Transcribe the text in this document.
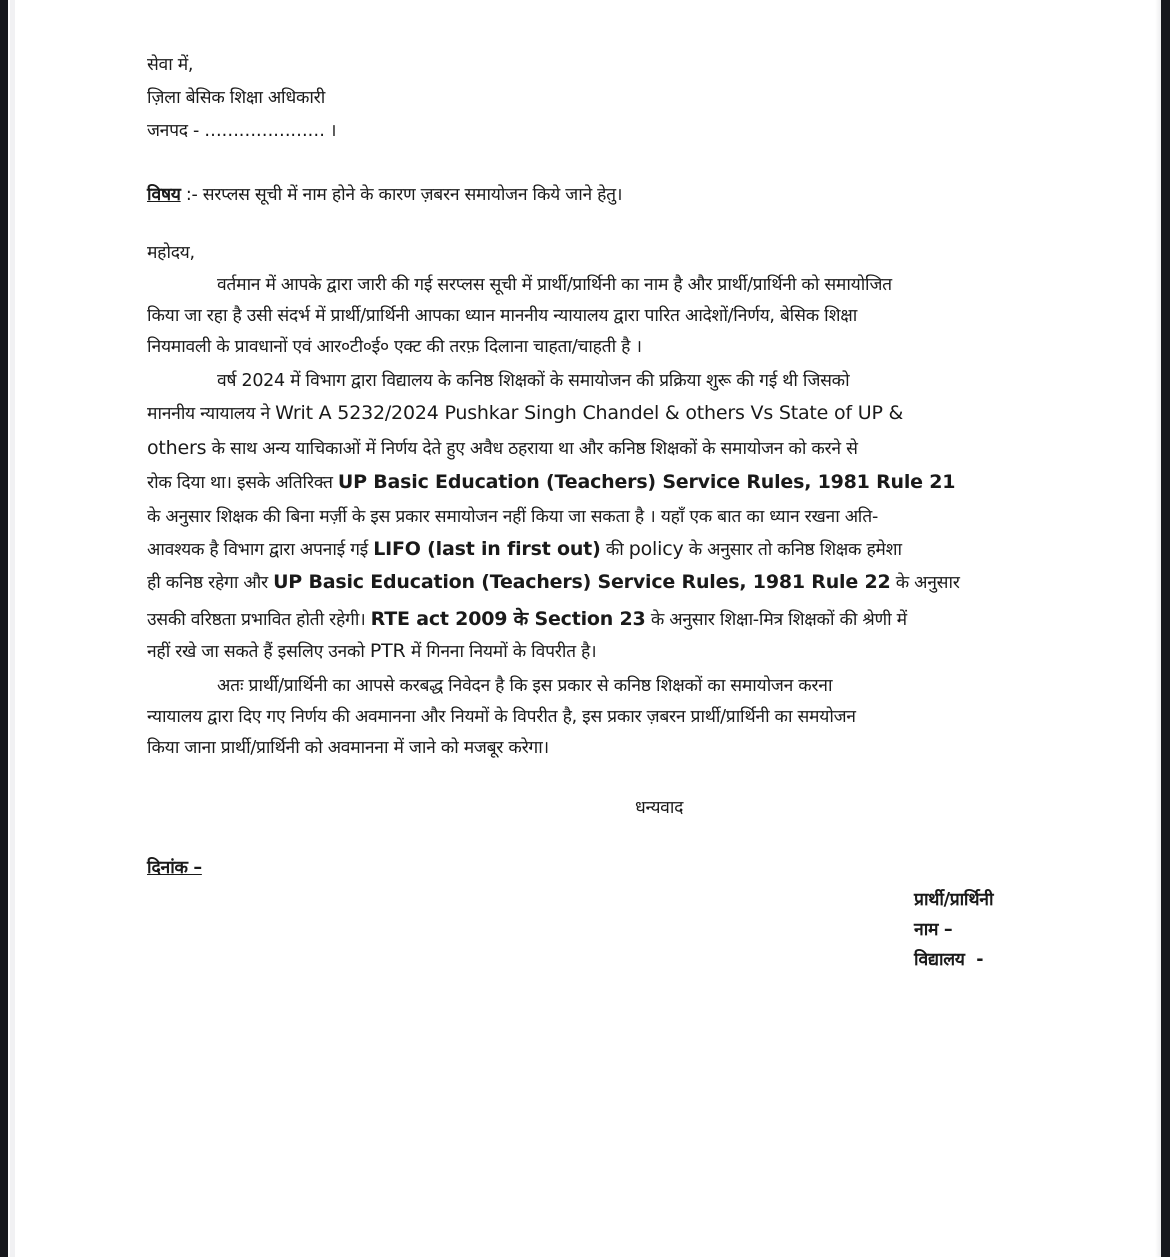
सेवा में,
ज़िला बेसिक शिक्षा अधिकारी
जनपद - ………………… ।
विषय :- सरप्लस सूची में नाम होने के कारण ज़बरन समायोजन किये जाने हेतु।
महोदय,
वर्तमान में आपके द्वारा जारी की गई सरप्लस सूची में प्रार्थी/प्रार्थिनी का नाम है और प्रार्थी/प्रार्थिनी को समायोजित
किया जा रहा है उसी संदर्भ में प्रार्थी/प्रार्थिनी आपका ध्यान माननीय न्यायालय द्वारा पारित आदेशों/निर्णय, बेसिक शिक्षा
नियमावली के प्रावधानों एवं आर०टी०ई० एक्ट की तरफ़ दिलाना चाहता/चाहती है ।
वर्ष 2024 में विभाग द्वारा विद्यालय के कनिष्ठ शिक्षकों के समायोजन की प्रक्रिया शुरू की गई थी जिसको
माननीय न्यायालय ने Writ A 5232/2024 Pushkar Singh Chandel & others Vs State of UP &
others के साथ अन्य याचिकाओं में निर्णय देते हुए अवैध ठहराया था और कनिष्ठ शिक्षकों के समायोजन को करने से
रोक दिया था। इसके अतिरिक्त UP Basic Education (Teachers) Service Rules, 1981 Rule 21
के अनुसार शिक्षक की बिना मर्ज़ी के इस प्रकार समायोजन नहीं किया जा सकता है । यहाँ एक बात का ध्यान रखना अति-
आवश्यक है विभाग द्वारा अपनाई गई LIFO (last in first out) की policy के अनुसार तो कनिष्ठ शिक्षक हमेशा
ही कनिष्ठ रहेगा और UP Basic Education (Teachers) Service Rules, 1981 Rule 22 के अनुसार
उसकी वरिष्ठता प्रभावित होती रहेगी। RTE act 2009 के Section 23 के अनुसार शिक्षा-मित्र शिक्षकों की श्रेणी में
नहीं रखे जा सकते हैं इसलिए उनको PTR में गिनना नियमों के विपरीत है।
अतः प्रार्थी/प्रार्थिनी का आपसे करबद्ध निवेदन है कि इस प्रकार से कनिष्ठ शिक्षकों का समायोजन करना
न्यायालय द्वारा दिए गए निर्णय की अवमानना और नियमों के विपरीत है, इस प्रकार ज़बरन प्रार्थी/प्रार्थिनी का समयोजन
किया जाना प्रार्थी/प्रार्थिनी को अवमानना में जाने को मजबूर करेगा।
धन्यवाद
दिनांक –
प्रार्थी/प्रार्थिनी
नाम –
विद्यालय  -
